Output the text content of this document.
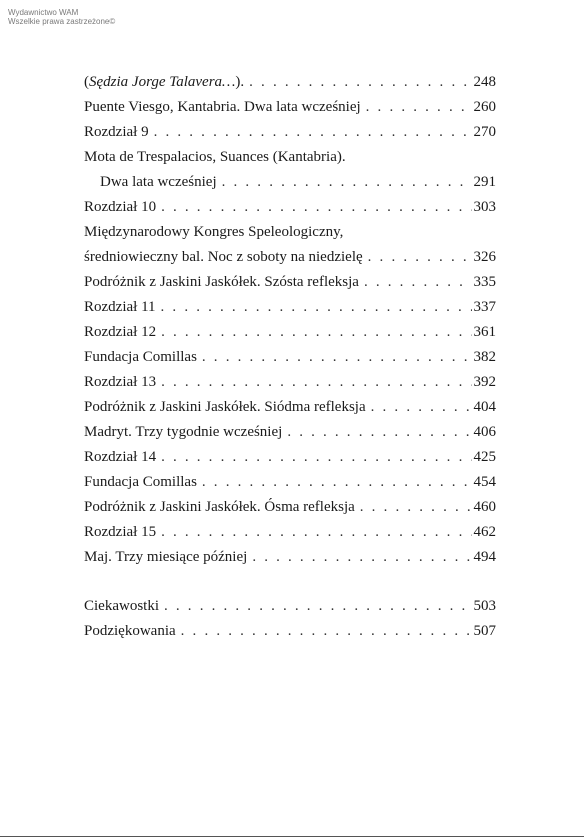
Wydawnictwo WAM
Wszelkie prawa zastrzeżone©
(Sędzia Jorge Talavera…). . . .	248
Puente Viesgo, Kantabria. Dwa lata wcześniej . . .	260
Rozdział 9 . . .	270
Mota de Trespalacios, Suances (Kantabria).
Dwa lata wcześniej . . .	291
Rozdział 10 . . .	303
Międzynarodowy Kongres Speleologiczny,
średniowieczny bal. Noc z soboty na niedzielę . . .	326
Podróżnik z Jaskini Jaskółek. Szósta refleksja . . .	335
Rozdział 11 . . .	337
Rozdział 12 . . .	361
Fundacja Comillas . . .	382
Rozdział 13 . . .	392
Podróżnik z Jaskini Jaskółek. Siódma refleksja . . .	404
Madryt. Trzy tygodnie wcześniej . . .	406
Rozdział 14 . . .	425
Fundacja Comillas . . .	454
Podróżnik z Jaskini Jaskółek. Ósma refleksja . . .	460
Rozdział 15 . . .	462
Maj. Trzy miesiące później . . .	494
Ciekawostki . . .	503
Podziękowania . . .	507
